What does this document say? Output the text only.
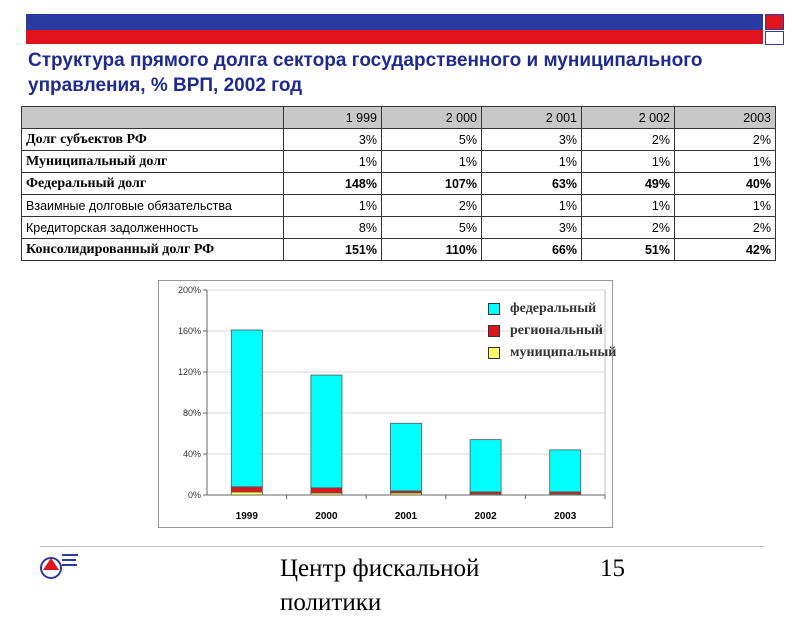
Структура прямого долга сектора государственного и муниципального управления, % ВРП, 2002 год
	1 999	2 000	2 001	2 002	2003
Долг субъектов РФ	3%	5%	3%	2%	2%
Муниципальный долг	1%	1%	1%	1%	1%
Федеральный долг	148%	107%	63%	49%	40%
Взаимные долговые обязательства	1%	2%	1%	1%	1%
Кредиторская задолженность	8%	5%	3%	2%	2%
Консолидированный долг РФ	151%	110%	66%	51%	42%
0%
40%
80%
120%
160%
200%
1999	2000	2001	2002	2003
федеральный
региональный
муниципальный
Центр фискальной политики
15
